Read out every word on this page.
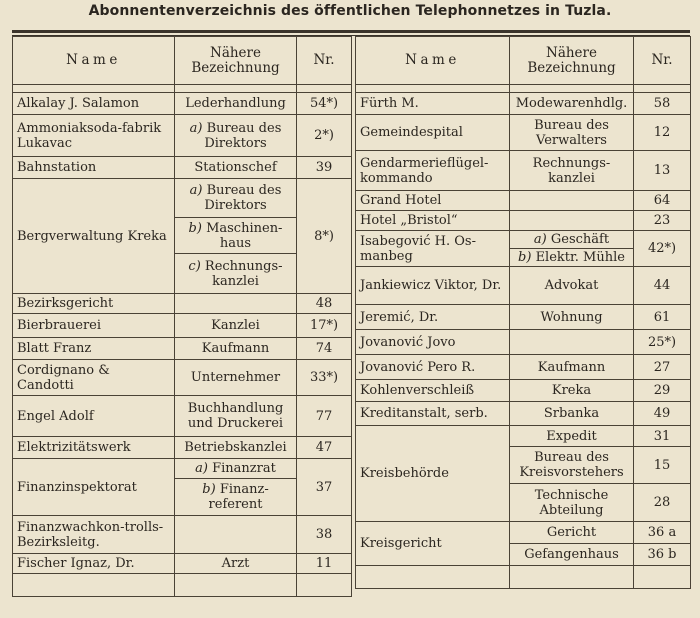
Abonnentenverzeichnis des öffentlichen Telephonnetzes in Tuzla.
Name	Nähere Bezeichnung	Nr.

Alkalay J. Salamon	Lederhandlung	54*)
Ammoniaksoda-fabrik Lukavac	a) Bureau des Direktors	2*)
Bahnstation	Stationschef	39
Bergverwaltung Kreka	a) Bureau des Direktors	8*)
	b) Maschinen-haus	
	c) Rechnungs-kanzlei	
Bezirksgericht		48
Bierbrauerei	Kanzlei	17*)
Blatt Franz	Kaufmann	74
Cordignano & Candotti	Unternehmer	33*)
Engel Adolf	Buchhandlung und Druckerei	77
Elektrizitätswerk	Betriebskanzlei	47
Finanzinspektorat	a) Finanzrat	37
	b) Finanz-referent	
Finanzwachkon-trolls-Bezirksleitg.		38
Fischer Ignaz, Dr.	Arzt	11

Name	Nähere Bezeichnung	Nr.

Fürth M.	Modewarenhdlg.	58
Gemeindespital	Bureau des Verwalters	12
Gendarmerieflügel-kommando	Rechnungs-kanzlei	13
Grand Hotel		64
Hotel „Bristol“		23
Isabegović H. Os-manbeg	a) Geschäft	42*)
	b) Elektr. Mühle	
Jankiewicz Viktor, Dr.	Advokat	44
Jeremić, Dr.	Wohnung	61
Jovanović Jovo		25*)
Jovanović Pero R.	Kaufmann	27
Kohlenverschleiß	Kreka	29
Kreditanstalt, serb.	Srbanka	49
Kreisbehörde	Expedit	31
	Bureau des Kreisvorstehers	15
	Technische Abteilung	28
Kreisgericht	Gericht	36 a
	Gefangenhaus	36 b
